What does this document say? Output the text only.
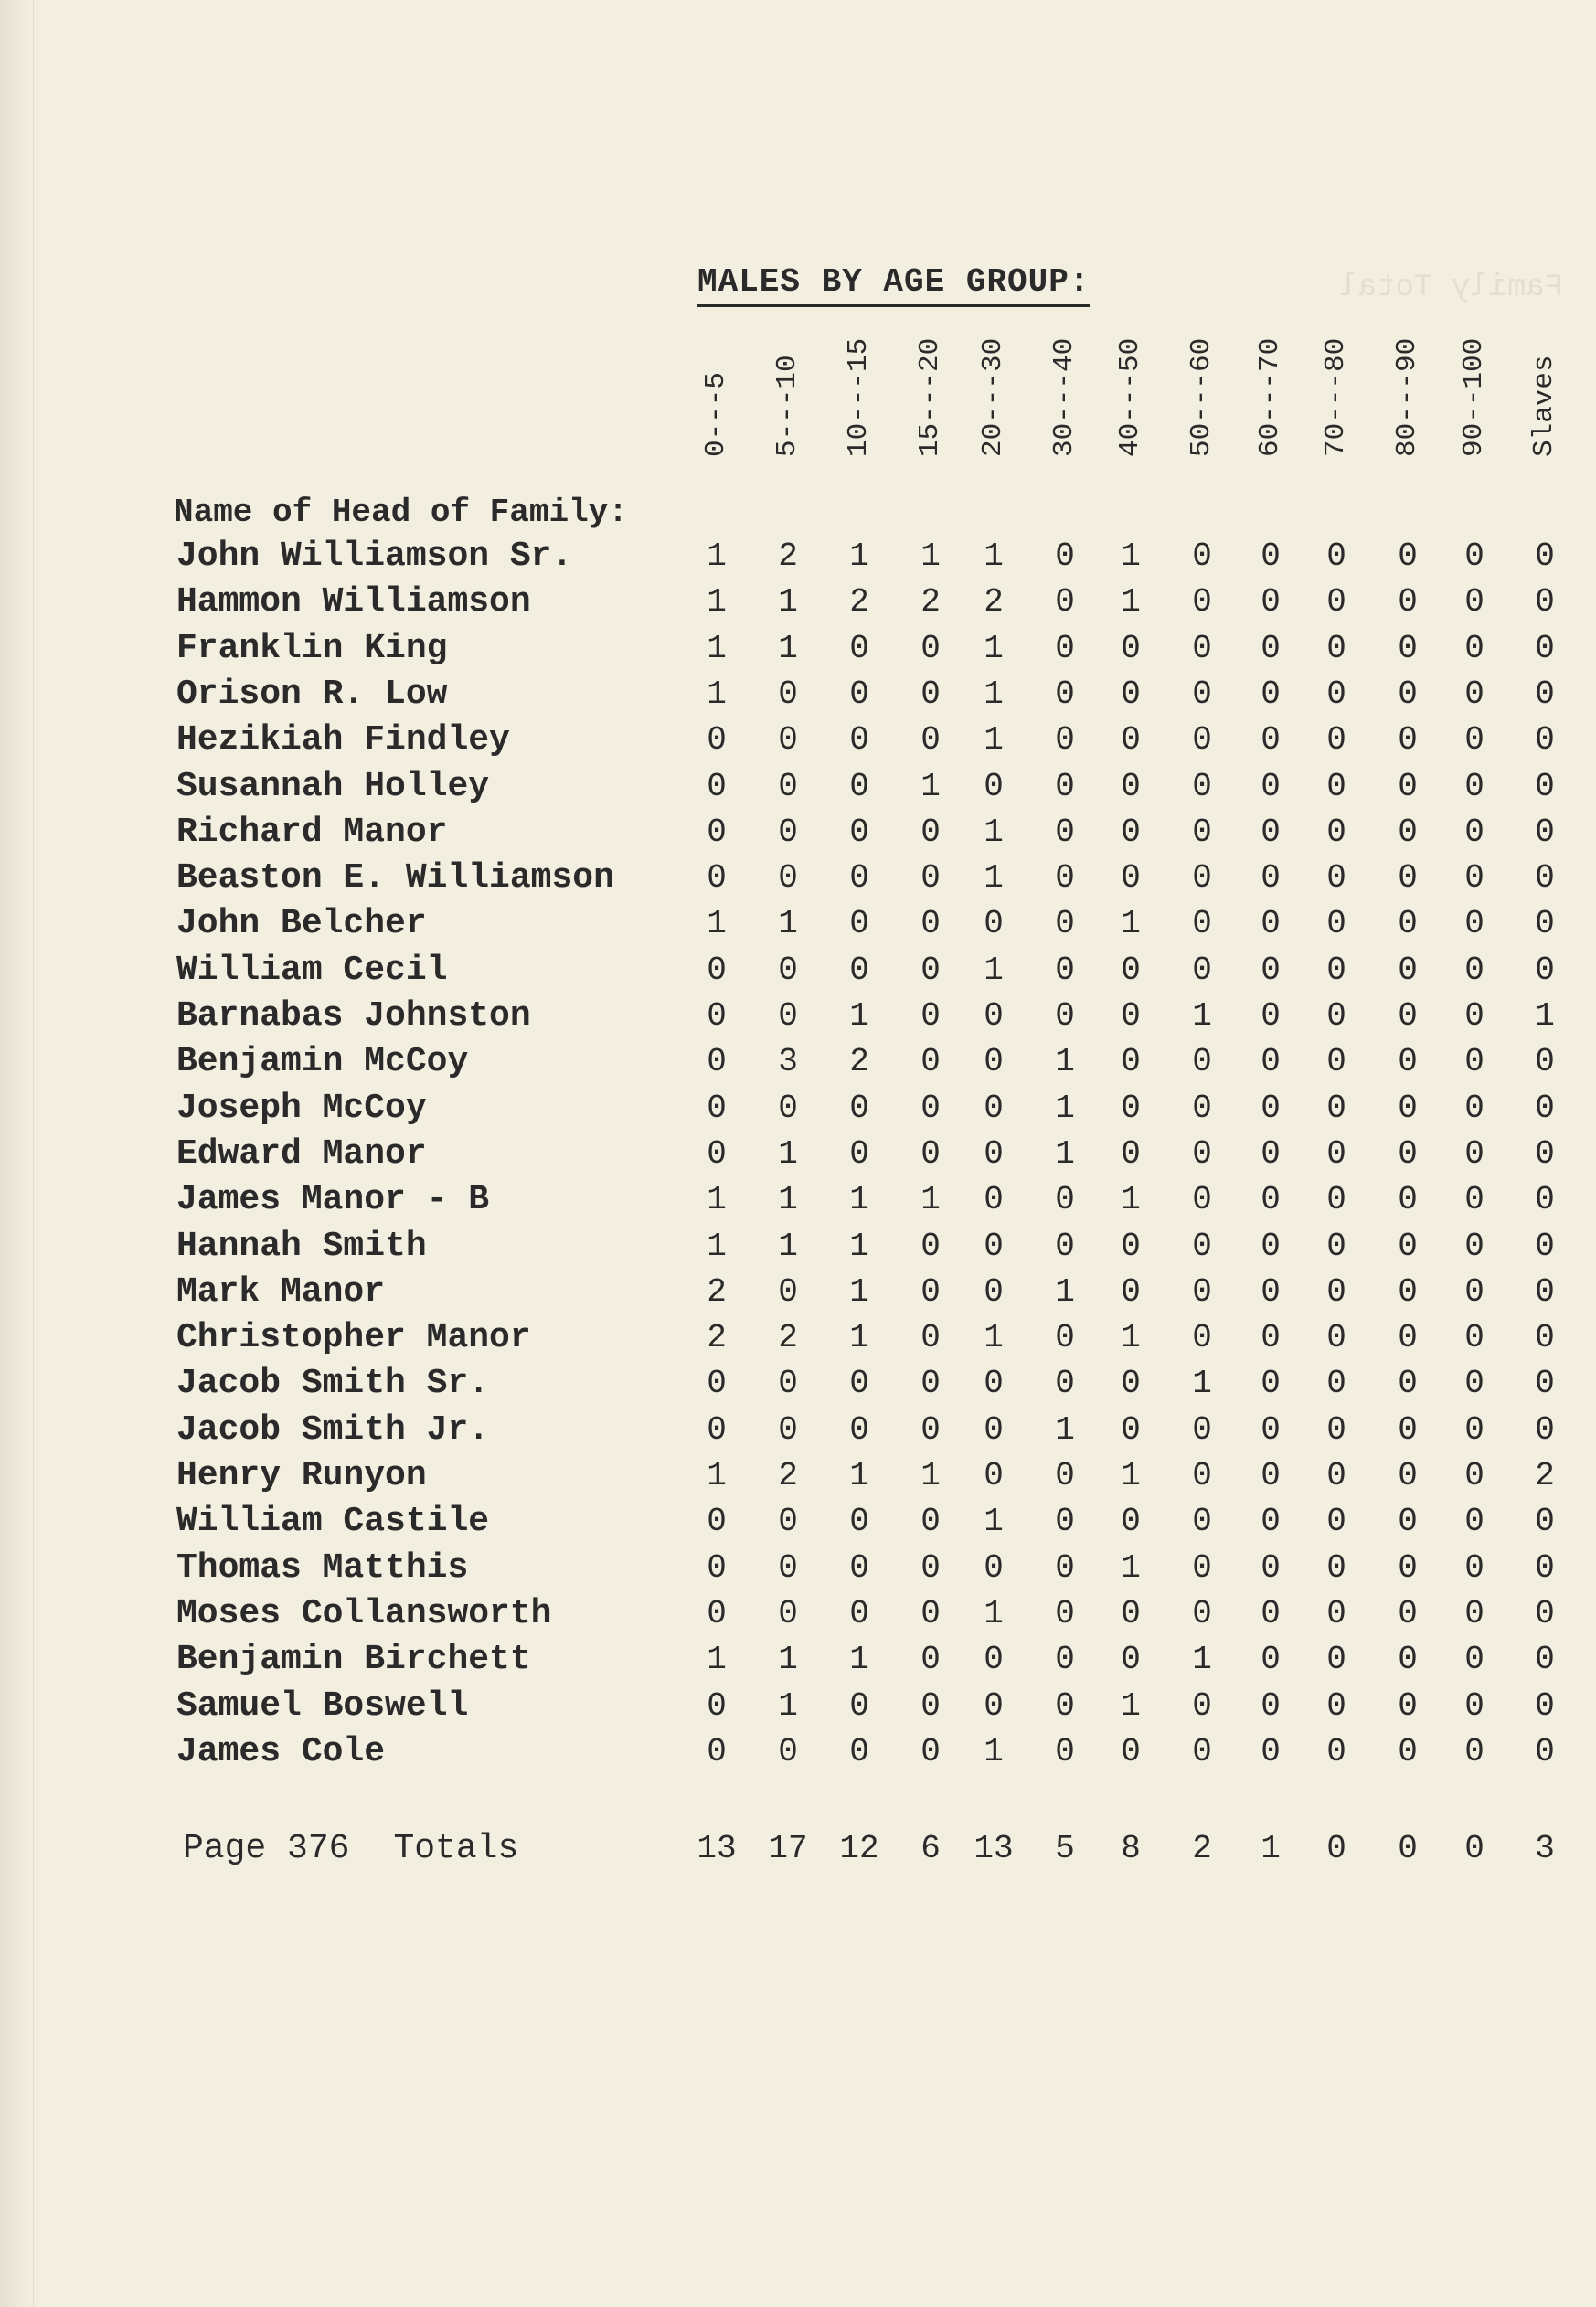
Family Total
MALES BY AGE GROUP:
0---5 5---10 10---15 15---20 20---30 30---40 40---50 50---60 60---70 70---80 80---90 90--100 Slaves
Name of Head of Family:
John Williamson Sr.	1	2	1	1	1	0	1	0	0	0	0	0	0
Hammon Williamson	1	1	2	2	2	0	1	0	0	0	0	0	0
Franklin King	1	1	0	0	1	0	0	0	0	0	0	0	0
Orison R. Low	1	0	0	0	1	0	0	0	0	0	0	0	0
Hezikiah Findley	0	0	0	0	1	0	0	0	0	0	0	0	0
Susannah Holley	0	0	0	1	0	0	0	0	0	0	0	0	0
Richard Manor	0	0	0	0	1	0	0	0	0	0	0	0	0
Beaston E. Williamson	0	0	0	0	1	0	0	0	0	0	0	0	0
John Belcher	1	1	0	0	0	0	1	0	0	0	0	0	0
William Cecil	0	0	0	0	1	0	0	0	0	0	0	0	0
Barnabas Johnston	0	0	1	0	0	0	0	1	0	0	0	0	1
Benjamin McCoy	0	3	2	0	0	1	0	0	0	0	0	0	0
Joseph McCoy	0	0	0	0	0	1	0	0	0	0	0	0	0
Edward Manor	0	1	0	0	0	1	0	0	0	0	0	0	0
James Manor - B	1	1	1	1	0	0	1	0	0	0	0	0	0
Hannah Smith	1	1	1	0	0	0	0	0	0	0	0	0	0
Mark Manor	2	0	1	0	0	1	0	0	0	0	0	0	0
Christopher Manor	2	2	1	0	1	0	1	0	0	0	0	0	0
Jacob Smith Sr.	0	0	0	0	0	0	0	1	0	0	0	0	0
Jacob Smith Jr.	0	0	0	0	0	1	0	0	0	0	0	0	0
Henry Runyon	1	2	1	1	0	0	1	0	0	0	0	0	2
William Castile	0	0	0	0	1	0	0	0	0	0	0	0	0
Thomas Matthis	0	0	0	0	0	0	1	0	0	0	0	0	0
Moses Collansworth	0	0	0	0	1	0	0	0	0	0	0	0	0
Benjamin Birchett	1	1	1	0	0	0	0	1	0	0	0	0	0
Samuel Boswell	0	1	0	0	0	0	1	0	0	0	0	0	0
James Cole	0	0	0	0	1	0	0	0	0	0	0	0	0
Page 376 Totals	13 17 12	6	13	5	8	2	1	0	0	0	3
